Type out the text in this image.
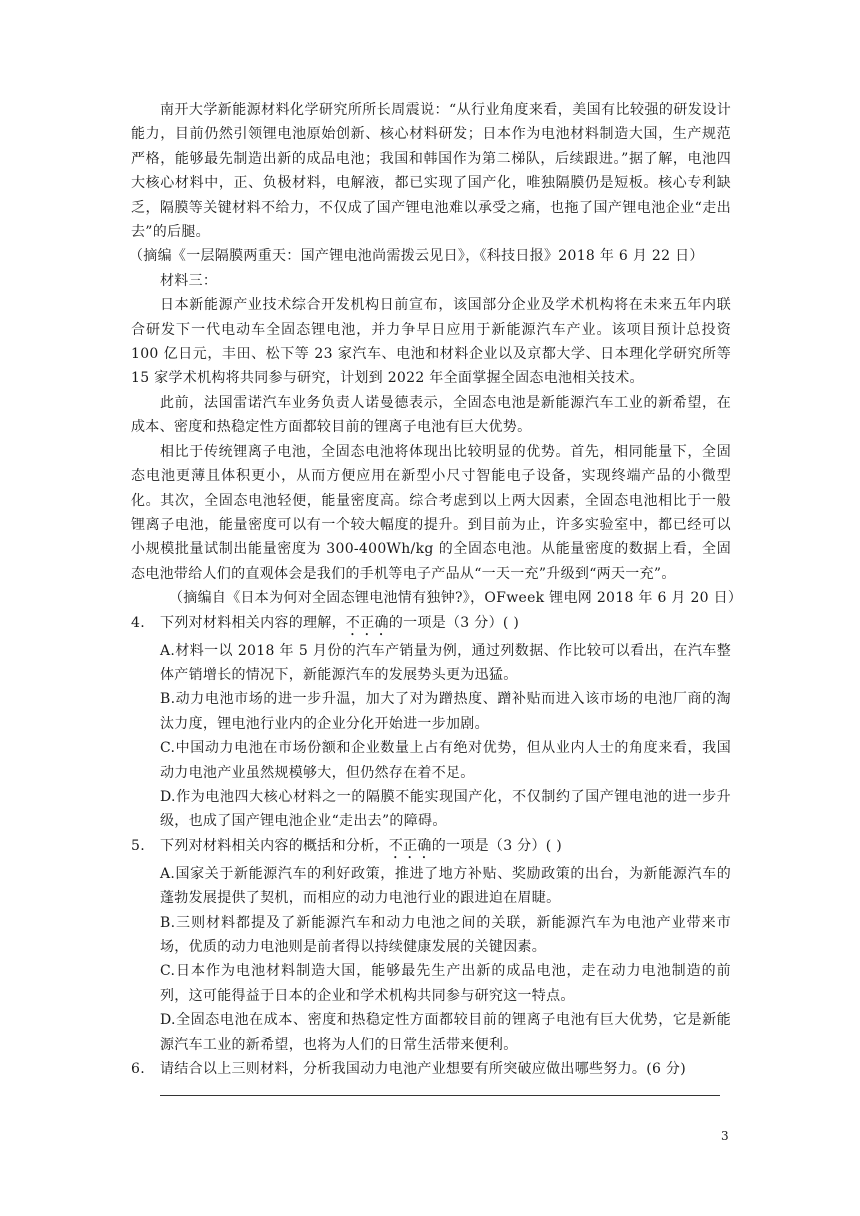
南开大学新能源材料化学研究所所长周震说：“从行业角度来看，美国有比较强的研发设计能力，目前仍然引领锂电池原始创新、核心材料研发；日本作为电池材料制造大国，生产规范严格，能够最先制造出新的成品电池；我国和韩国作为第二梯队，后续跟进。”据了解，电池四大核心材料中，正、负极材料，电解液，都已实现了国产化，唯独隔膜仍是短板。核心专利缺乏，隔膜等关键材料不给力，不仅成了国产锂电池难以承受之痛，也拖了国产锂电池企业“走出去”的后腿。

（摘编《一层隔膜两重天：国产锂电池尚需拨云见日》，《科技日报》2018 年 6 月 22 日）

材料三：

日本新能源产业技术综合开发机构日前宣布，该国部分企业及学术机构将在未来五年内联合研发下一代电动车全固态锂电池，并力争早日应用于新能源汽车产业。该项目预计总投资 100 亿日元，丰田、松下等 23 家汽车、电池和材料企业以及京都大学、日本理化学研究所等 15 家学术机构将共同参与研究，计划到 2022 年全面掌握全固态电池相关技术。

此前，法国雷诺汽车业务负责人诺曼德表示，全固态电池是新能源汽车工业的新希望，在成本、密度和热稳定性方面都较目前的锂离子电池有巨大优势。

相比于传统锂离子电池，全固态电池将体现出比较明显的优势。首先，相同能量下，全固态电池更薄且体积更小，从而方便应用在新型小尺寸智能电子设备，实现终端产品的小微型化。其次，全固态电池轻便，能量密度高。综合考虑到以上两大因素，全固态电池相比于一般锂离子电池，能量密度可以有一个较大幅度的提升。到目前为止，许多实验室中，都已经可以小规模批量试制出能量密度为 300-400Wh/kg 的全固态电池。从能量密度的数据上看，全固态电池带给人们的直观体会是我们的手机等电子产品从“一天一充”升级到“两天一充”。

（摘编自《日本为何对全固态锂电池情有独钟?》，OFweek 锂电网 2018 年 6 月 20 日）

4.	下列对材料相关内容的理解，不正确的一项是（3 分）( )

A.材料一以 2018 年 5 月份的汽车产销量为例，通过列数据、作比较可以看出，在汽车整体产销增长的情况下，新能源汽车的发展势头更为迅猛。

B.动力电池市场的进一步升温，加大了对为蹭热度、蹭补贴而进入该市场的电池厂商的淘汰力度，锂电池行业内的企业分化开始进一步加剧。

C.中国动力电池在市场份额和企业数量上占有绝对优势，但从业内人士的角度来看，我国动力电池产业虽然规模够大，但仍然存在着不足。

D.作为电池四大核心材料之一的隔膜不能实现国产化，不仅制约了国产锂电池的进一步升级，也成了国产锂电池企业“走出去”的障碍。

5.	下列对材料相关内容的概括和分析，不正确的一项是（3 分）( )

A.国家关于新能源汽车的利好政策，推进了地方补贴、奖励政策的出台，为新能源汽车的蓬勃发展提供了契机，而相应的动力电池行业的跟进迫在眉睫。

B.三则材料都提及了新能源汽车和动力电池之间的关联，新能源汽车为电池产业带来市场，优质的动力电池则是前者得以持续健康发展的关键因素。

C.日本作为电池材料制造大国，能够最先生产出新的成品电池，走在动力电池制造的前列，这可能得益于日本的企业和学术机构共同参与研究这一特点。

D.全固态电池在成本、密度和热稳定性方面都较目前的锂离子电池有巨大优势，它是新能源汽车工业的新希望，也将为人们的日常生活带来便利。

6.	请结合以上三则材料，分析我国动力电池产业想要有所突破应做出哪些努力。(6 分)
3
